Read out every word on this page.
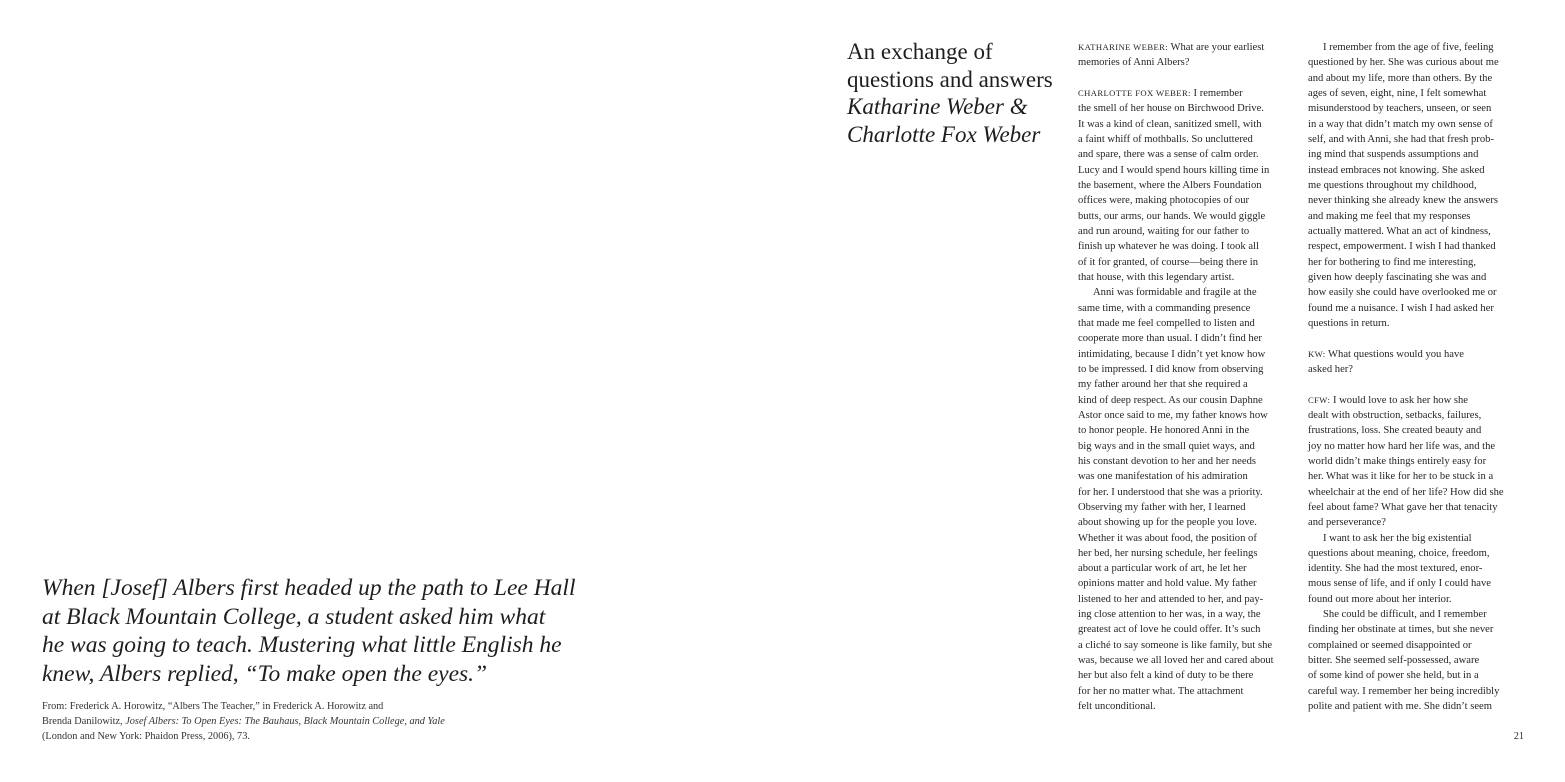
When [Josef] Albers first headed up the path to Lee Hall
at Black Mountain College, a student asked him what
he was going to teach. Mustering what little English he
knew, Albers replied, “To make open the eyes.”
From: Frederick A. Horowitz, “Albers The Teacher,” in Frederick A. Horowitz and
Brenda Danilowitz, Josef Albers: To Open Eyes: The Bauhaus, Black Mountain College, and Yale
(London and New York: Phaidon Press, 2006), 73.
An exchange of
questions and answers
Katharine Weber &
Charlotte Fox Weber
KATHARINE WEBER: What are your earliest
memories of Anni Albers?
CHARLOTTE FOX WEBER: I remember
the smell of her house on Birchwood Drive.
It was a kind of clean, sanitized smell, with
a faint whiff of mothballs. So uncluttered
and spare, there was a sense of calm order.
Lucy and I would spend hours killing time in
the basement, where the Albers Foundation
offices were, making photocopies of our
butts, our arms, our hands. We would giggle
and run around, waiting for our father to
finish up whatever he was doing. I took all
of it for granted, of course—being there in
that house, with this legendary artist.
Anni was formidable and fragile at the
same time, with a commanding presence
that made me feel compelled to listen and
cooperate more than usual. I didn’t find her
intimidating, because I didn’t yet know how
to be impressed. I did know from observing
my father around her that she required a
kind of deep respect. As our cousin Daphne
Astor once said to me, my father knows how
to honor people. He honored Anni in the
big ways and in the small quiet ways, and
his constant devotion to her and her needs
was one manifestation of his admiration
for her. I understood that she was a priority.
Observing my father with her, I learned
about showing up for the people you love.
Whether it was about food, the position of
her bed, her nursing schedule, her feelings
about a particular work of art, he let her
opinions matter and hold value. My father
listened to her and attended to her, and pay-
ing close attention to her was, in a way, the
greatest act of love he could offer. It’s such
a cliché to say someone is like family, but she
was, because we all loved her and cared about
her but also felt a kind of duty to be there
for her no matter what. The attachment
felt unconditional.
I remember from the age of five, feeling
questioned by her. She was curious about me
and about my life, more than others. By the
ages of seven, eight, nine, I felt somewhat
misunderstood by teachers, unseen, or seen
in a way that didn’t match my own sense of
self, and with Anni, she had that fresh prob-
ing mind that suspends assumptions and
instead embraces not knowing. She asked
me questions throughout my childhood,
never thinking she already knew the answers
and making me feel that my responses
actually mattered. What an act of kindness,
respect, empowerment. I wish I had thanked
her for bothering to find me interesting,
given how deeply fascinating she was and
how easily she could have overlooked me or
found me a nuisance. I wish I had asked her
questions in return.
KW: What questions would you have
asked her?
CFW: I would love to ask her how she
dealt with obstruction, setbacks, failures,
frustrations, loss. She created beauty and
joy no matter how hard her life was, and the
world didn’t make things entirely easy for
her. What was it like for her to be stuck in a
wheelchair at the end of her life? How did she
feel about fame? What gave her that tenacity
and perseverance?
I want to ask her the big existential
questions about meaning, choice, freedom,
identity. She had the most textured, enor-
mous sense of life, and if only I could have
found out more about her interior.
She could be difficult, and I remember
finding her obstinate at times, but she never
complained or seemed disappointed or
bitter. She seemed self-possessed, aware
of some kind of power she held, but in a
careful way. I remember her being incredibly
polite and patient with me. She didn’t seem
21
